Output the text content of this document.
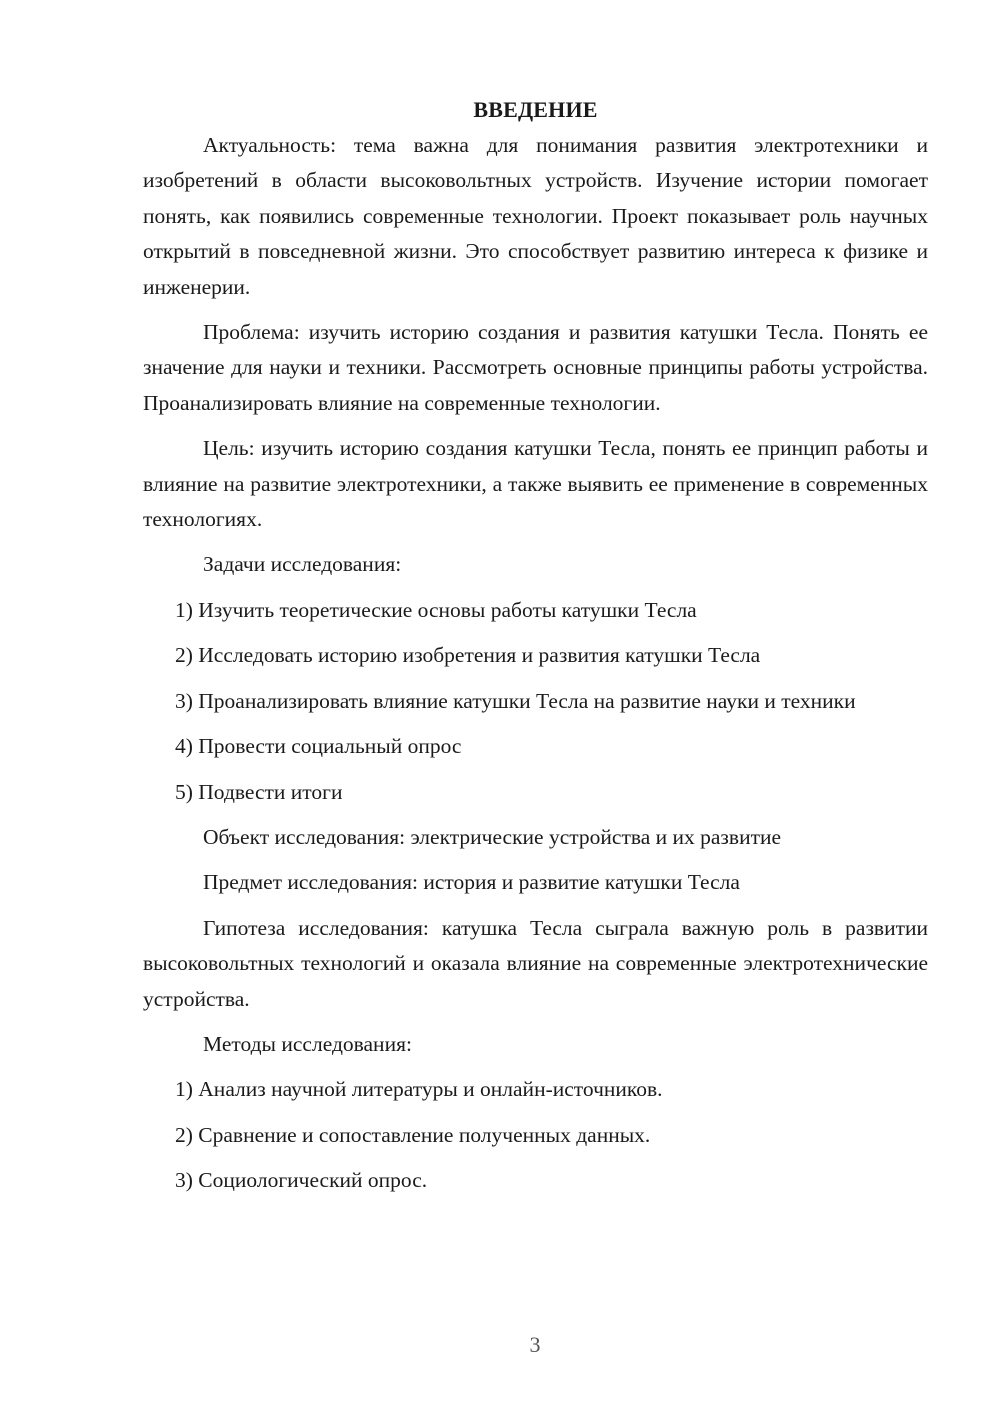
ВВЕДЕНИЕ

Актуальность: тема важна для понимания развития электротехники и изобретений в области высоковольтных устройств. Изучение истории помогает понять, как появились современные технологии. Проект показывает роль научных открытий в повседневной жизни. Это способствует развитию интереса к физике и инженерии.

Проблема: изучить историю создания и развития катушки Тесла. Понять ее значение для науки и техники. Рассмотреть основные принципы работы устройства. Проанализировать влияние на современные технологии.

Цель: изучить историю создания катушки Тесла, понять ее принцип работы и влияние на развитие электротехники, а также выявить ее применение в современных технологиях.

Задачи исследования:

1) Изучить теоретические основы работы катушки Тесла

2) Исследовать историю изобретения и развития катушки Тесла

3) Проанализировать влияние катушки Тесла на развитие науки и техники

4) Провести социальный опрос

5) Подвести итоги

Объект исследования: электрические устройства и их развитие

Предмет исследования: история и развитие катушки Тесла

Гипотеза исследования: катушка Тесла сыграла важную роль в развитии высоковольтных технологий и оказала влияние на современные электротехнические устройства.

Методы исследования:

1) Анализ научной литературы и онлайн-источников.

2) Сравнение и сопоставление полученных данных.

3) Социологический опрос.

3
